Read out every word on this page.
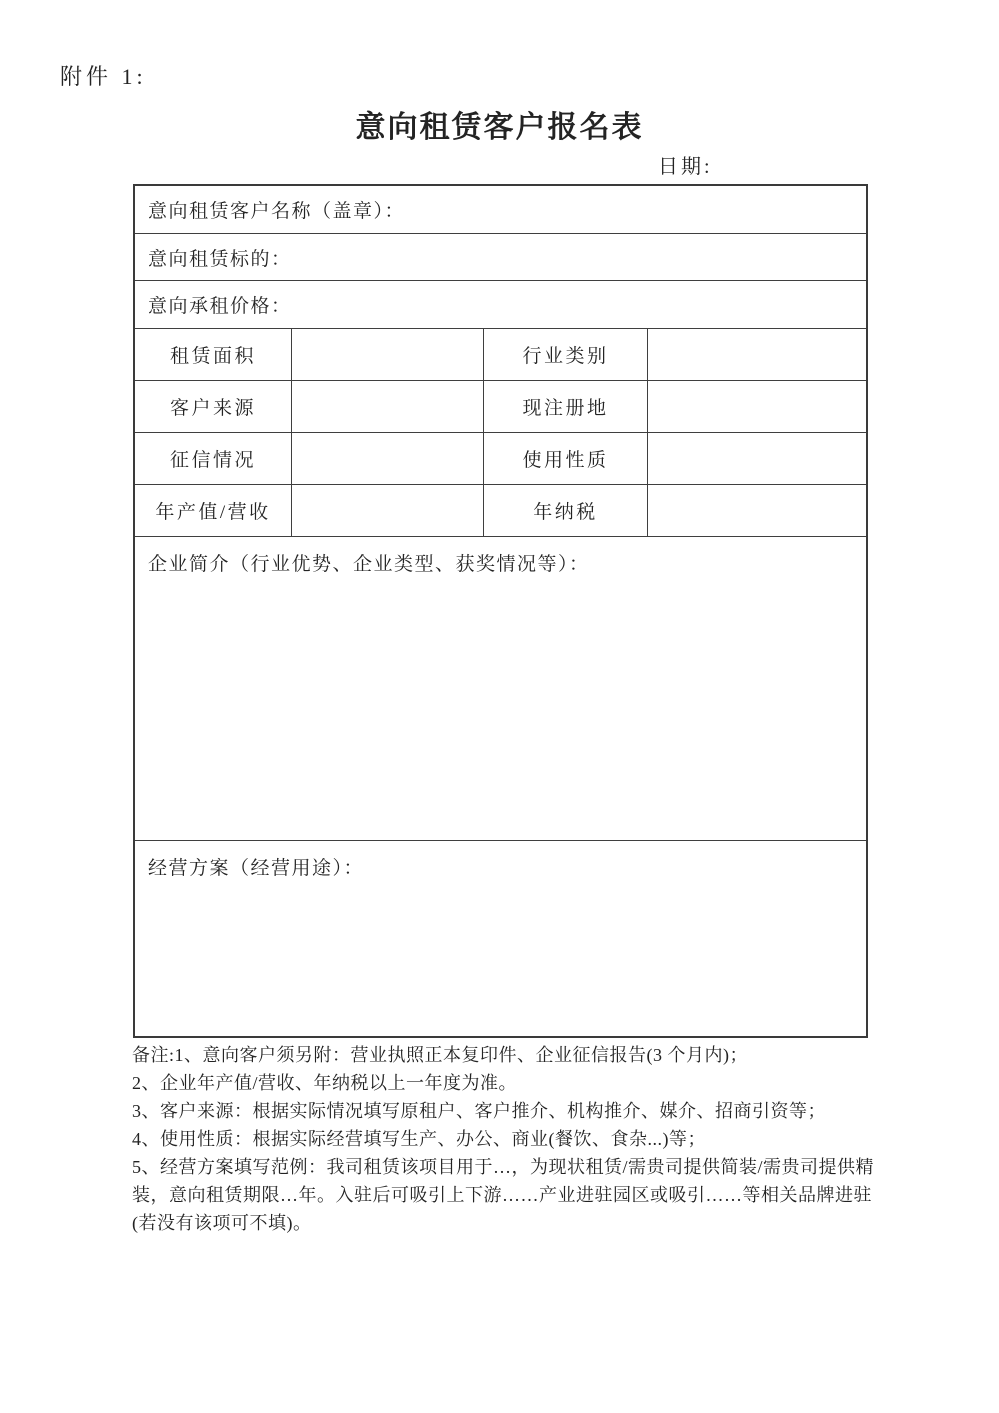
附件 1:
意向租赁客户报名表
日期:
意向租赁客户名称（盖章）：
意向租赁标的：
意向承租价格：
租赁面积	行业类别
客户来源	现注册地
征信情况	使用性质
年产值/营收	年纳税
企业简介（行业优势、企业类型、获奖情况等）：
经营方案（经营用途）：

备注:1、意向客户须另附：营业执照正本复印件、企业征信报告(3 个月内)；

2、企业年产值/营收、年纳税以上一年度为准。

3、客户来源：根据实际情况填写原租户、客户推介、机构推介、媒介、招商引资等；

4、使用性质：根据实际经营填写生产、办公、商业(餐饮、食杂...)等；

5、经营方案填写范例：我司租赁该项目用于…，为现状租赁/需贵司提供简装/需贵司提供精装，意向租赁期限…年。入驻后可吸引上下游……产业进驻园区或吸引……等相关品牌进驻(若没有该项可不填)。
